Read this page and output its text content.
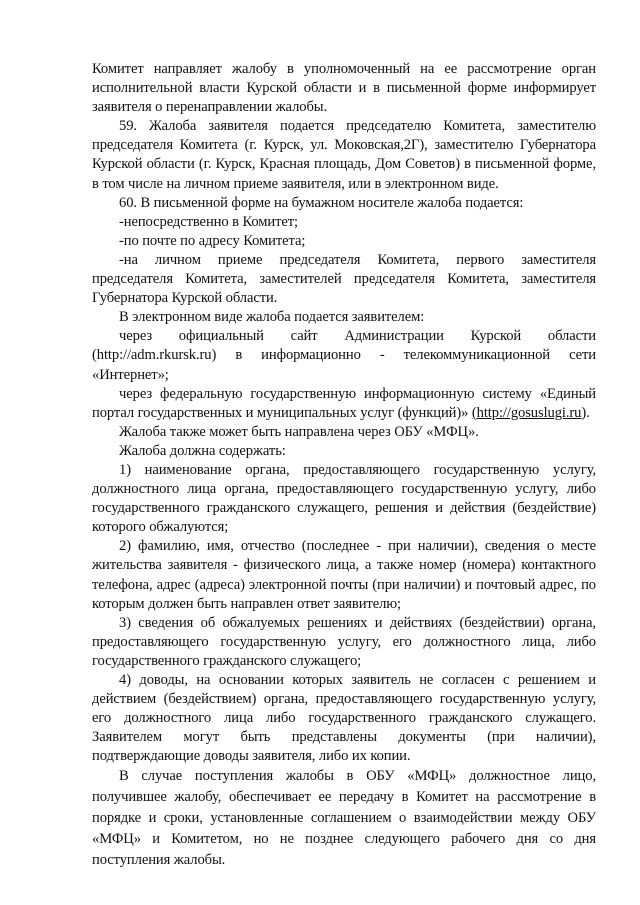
Комитет направляет жалобу в уполномоченный на ее рассмотрение орган исполнительной власти Курской области и в письменной форме информирует заявителя о перенаправлении жалобы.

59. Жалоба заявителя подается председателю Комитета, заместителю председателя Комитета (г. Курск, ул. Моковская,2Г), заместителю Губернатора Курской области (г. Курск, Красная площадь, Дом Советов) в письменной форме, в том числе на личном приеме заявителя, или в электронном виде.

60. В письменной форме на бумажном носителе жалоба подается:

-непосредственно в Комитет;

-по почте по адресу Комитета;

-на личном приеме председателя Комитета, первого заместителя председателя Комитета, заместителей председателя Комитета, заместителя Губернатора Курской области.

В электронном виде жалоба подается заявителем:

через официальный сайт Администрации Курской области (http://adm.rkursk.ru) в информационно - телекоммуникационной сети «Интернет»;

через федеральную государственную информационную систему «Единый портал государственных и муниципальных услуг (функций)» (http://gosuslugi.ru).

Жалоба также может быть направлена через ОБУ «МФЦ».

Жалоба должна содержать:

1) наименование органа, предоставляющего государственную услугу, должностного лица органа, предоставляющего государственную услугу, либо государственного гражданского служащего, решения и действия (бездействие) которого обжалуются;

2) фамилию, имя, отчество (последнее - при наличии), сведения о месте жительства заявителя - физического лица, а также номер (номера) контактного телефона, адрес (адреса) электронной почты (при наличии) и почтовый адрес, по которым должен быть направлен ответ заявителю;

3) сведения об обжалуемых решениях и действиях (бездействии) органа, предоставляющего государственную услугу, его должностного лица, либо государственного гражданского служащего;

4) доводы, на основании которых заявитель не согласен с решением и действием (бездействием) органа, предоставляющего государственную услугу, его должностного лица либо государственного гражданского служащего. Заявителем могут быть представлены документы (при наличии), подтверждающие доводы заявителя, либо их копии.

В случае поступления жалобы в ОБУ «МФЦ» должностное лицо, получившее жалобу, обеспечивает ее передачу в Комитет на рассмотрение в порядке и сроки, установленные соглашением о взаимодействии между ОБУ «МФЦ» и Комитетом, но не позднее следующего рабочего дня со дня поступления жалобы.
